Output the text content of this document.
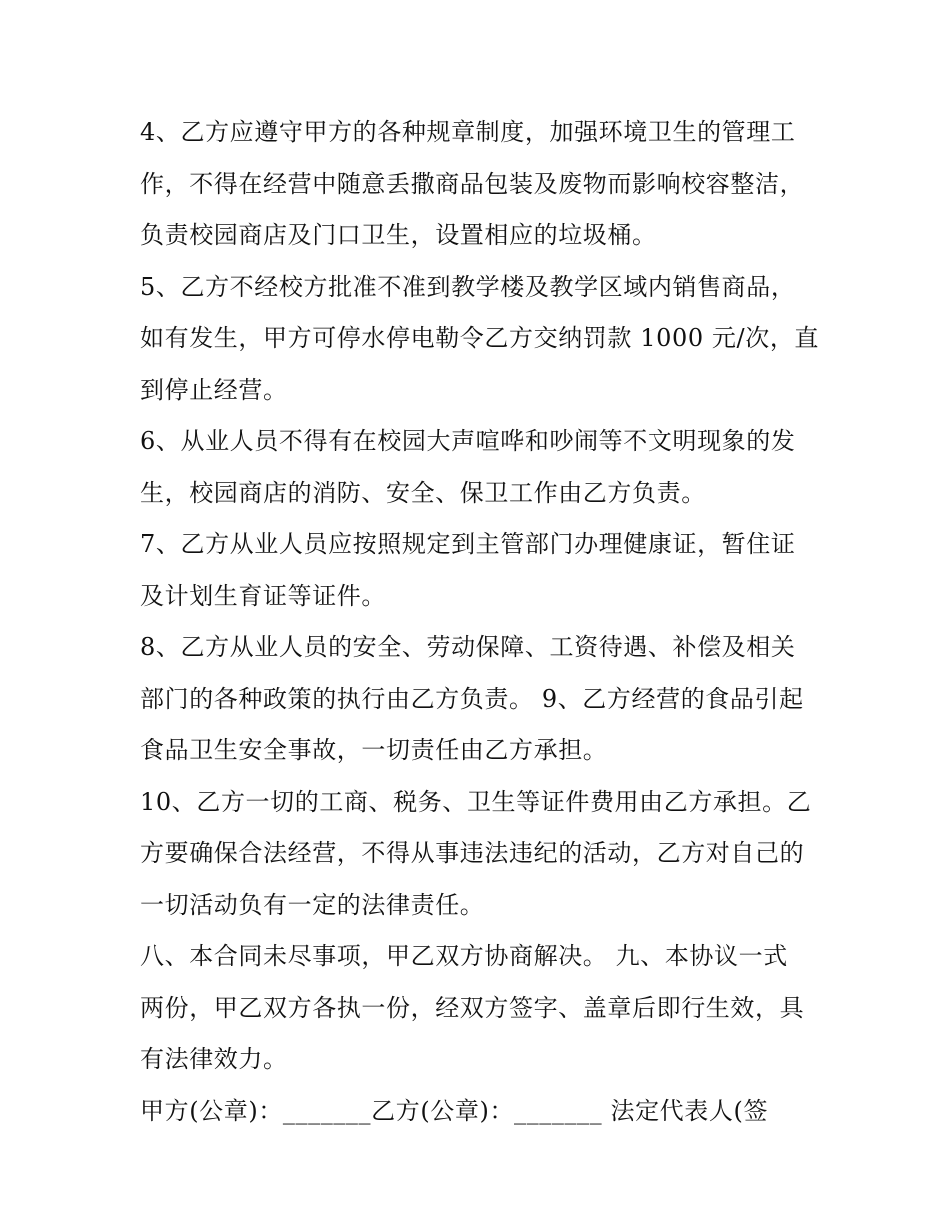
4、乙方应遵守甲方的各种规章制度，加强环境卫生的管理工
作，不得在经营中随意丢撒商品包装及废物而影响校容整洁，
负责校园商店及门口卫生，设置相应的垃圾桶。

5、乙方不经校方批准不准到教学楼及教学区域内销售商品，
如有发生，甲方可停水停电勒令乙方交纳罚款 1000 元/次，直
到停止经营。

6、从业人员不得有在校园大声喧哗和吵闹等不文明现象的发
生，校园商店的消防、安全、保卫工作由乙方负责。

7、乙方从业人员应按照规定到主管部门办理健康证，暂住证
及计划生育证等证件。

8、乙方从业人员的安全、劳动保障、工资待遇、补偿及相关
部门的各种政策的执行由乙方负责。 9、乙方经营的食品引起
食品卫生安全事故，一切责任由乙方承担。

10、乙方一切的工商、税务、卫生等证件费用由乙方承担。乙
方要确保合法经营，不得从事违法违纪的活动，乙方对自己的
一切活动负有一定的法律责任。

八、本合同未尽事项，甲乙双方协商解决。 九、本协议一式
两份，甲乙双方各执一份，经双方签字、盖章后即行生效，具
有法律效力。

甲方(公章)：_______乙方(公章)：_______ 法定代表人(签
